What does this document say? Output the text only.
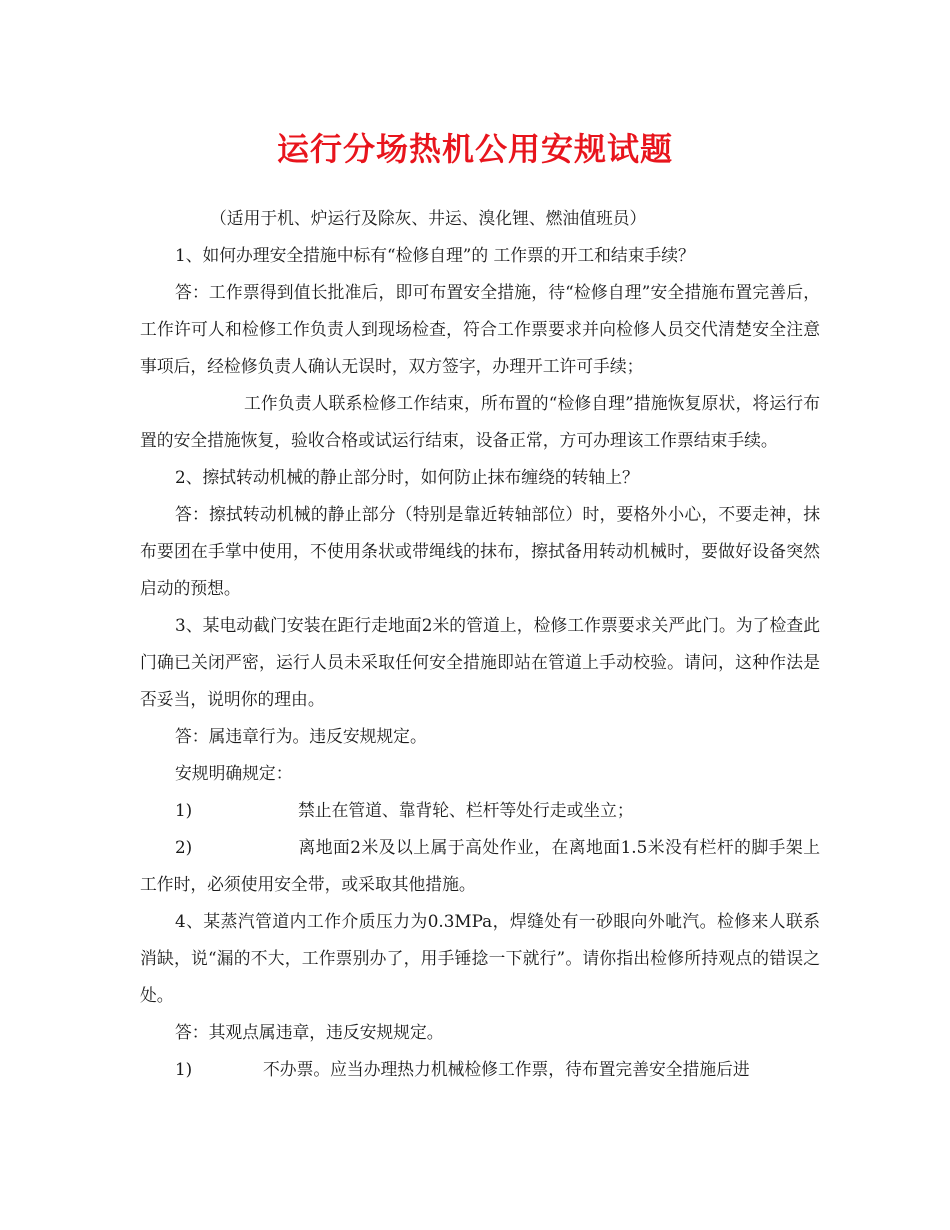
运行分场热机公用安规试题

（适用于机、炉运行及除灰、井运、溴化锂、燃油值班员）

1、如何办理安全措施中标有“检修自理”的 工作票的开工和结束手续？

答：工作票得到值长批准后，即可布置安全措施，待“检修自理”安全措施布置完善后，工作许可人和检修工作负责人到现场检查，符合工作票要求并向检修人员交代清楚安全注意事项后，经检修负责人确认无误时，双方签字，办理开工许可手续；

工作负责人联系检修工作结束，所布置的“检修自理”措施恢复原状，将运行布置的安全措施恢复，验收合格或试运行结束，设备正常，方可办理该工作票结束手续。

2、擦拭转动机械的静止部分时，如何防止抹布缠绕的转轴上？

答：擦拭转动机械的静止部分（特别是靠近转轴部位）时，要格外小心，不要走神，抹布要团在手掌中使用，不使用条状或带绳线的抹布，擦拭备用转动机械时，要做好设备突然启动的预想。

3、某电动截门安装在距行走地面2米的管道上，检修工作票要求关严此门。为了检查此门确已关闭严密，运行人员未采取任何安全措施即站在管道上手动校验。请问，这种作法是否妥当，说明你的理由。

答：属违章行为。违反安规规定。

安规明确规定：

1)	禁止在管道、靠背轮、栏杆等处行走或坐立；

2)	离地面2米及以上属于高处作业，在离地面1.5米没有栏杆的脚手架上工作时，必须使用安全带，或采取其他措施。

4、某蒸汽管道内工作介质压力为0.3MPa，焊缝处有一砂眼向外呲汽。检修来人联系消缺，说“漏的不大，工作票别办了，用手锤捻一下就行”。请你指出检修所持观点的错误之处。

答：其观点属违章，违反安规规定。

1)	不办票。应当办理热力机械检修工作票，待布置完善安全措施后进
